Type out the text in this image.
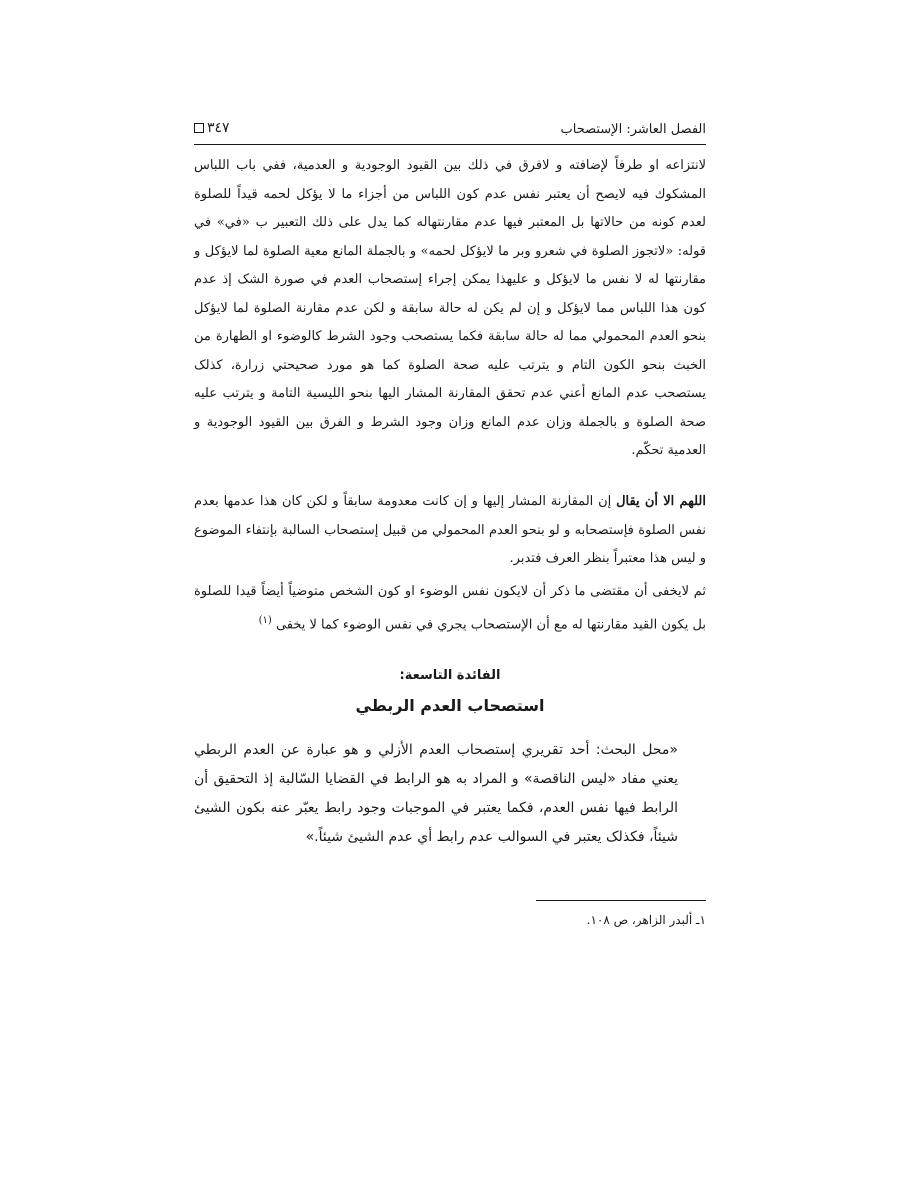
الفصل العاشر: الإستصحاب
٣٤٧

لانتزاعه او طرفاً لإضافته و لافرق في ذلك بين القيود الوجودية و العدمية، ففي باب اللباس المشكوك فيه لايصح أن يعتبر نفس عدم كون اللباس من أجزاء ما لا يؤكل لحمه قيداً للصلوة لعدم كونه من حالاتها بل المعتبر فيها عدم مقارنتهاله كما يدل على ذلك التعبير ب «في» في قوله: «لاتجوز الصلوة في شعرو وبر ما لايؤكل لحمه» و بالجملة المانع معية الصلوة لما لايؤكل و مقارنتها له لا نفس ما لايؤكل و عليهذا يمكن إجراء إستصحاب العدم في صورة الشک إذ عدم كون هذا اللباس مما لايؤكل و إن لم يكن له حالة سابقة و لكن عدم مقارنة الصلوة لما لايؤكل بنحو العدم المحمولي مما له حالة سابقة فكما يستصحب وجود الشرط كالوضوء او الطهارة من الخبث بنحو الكون التام و يترتب عليه صحة الصلوة كما هو مورد صحيحتي زرارة، كذلک يستصحب عدم المانع أعني عدم تحقق المقارنة المشار اليها بنحو الليسية التامة و يترتب عليه صحة الصلوة و بالجملة وزان عدم المانع وزان وجود الشرط و الفرق بين القيود الوجودية و العدمية تحكّم.

اللهم الا أن يقال إن المقارنة المشار إليها و إن كانت معدومة سابقاً و لكن كان هذا عدمها بعدم نفس الصلوة فإستصحابه و لو بنحو العدم المحمولي من قبيل إستصحاب السالبة بإنتفاء الموضوع و ليس هذا معتبراً بنظر العرف فتدبر.

ثم لايخفى أن مقتضى ما ذكر أن لايكون نفس الوضوء او كون الشخص متوضياً أيضاً قيدا للصلوة بل يكون القيد مقارنتها له مع أن الإستصحاب يجري في نفس الوضوء كما لا يخفى $^{(١)}$

الفائدة التاسعة:
استصحاب العدم الربطي

«محل البحث: أحد تقريري إستصحاب العدم الأزلي و هو عبارة عن العدم الربطي يعني مفاد «ليس الناقصة» و المراد به هو الرابط في القضايا السّالبة إذ التحقيق أن الرابط فيها نفس العدم، فكما يعتبر في الموجبات وجود رابط يعبّر عنه بكون الشيئ شيئاً، فكذلک يعتبر في السوالب عدم رابط أي عدم الشيئ شيئاً.»

١ـ ألبدر الزاهر، ص ١٠٨.
